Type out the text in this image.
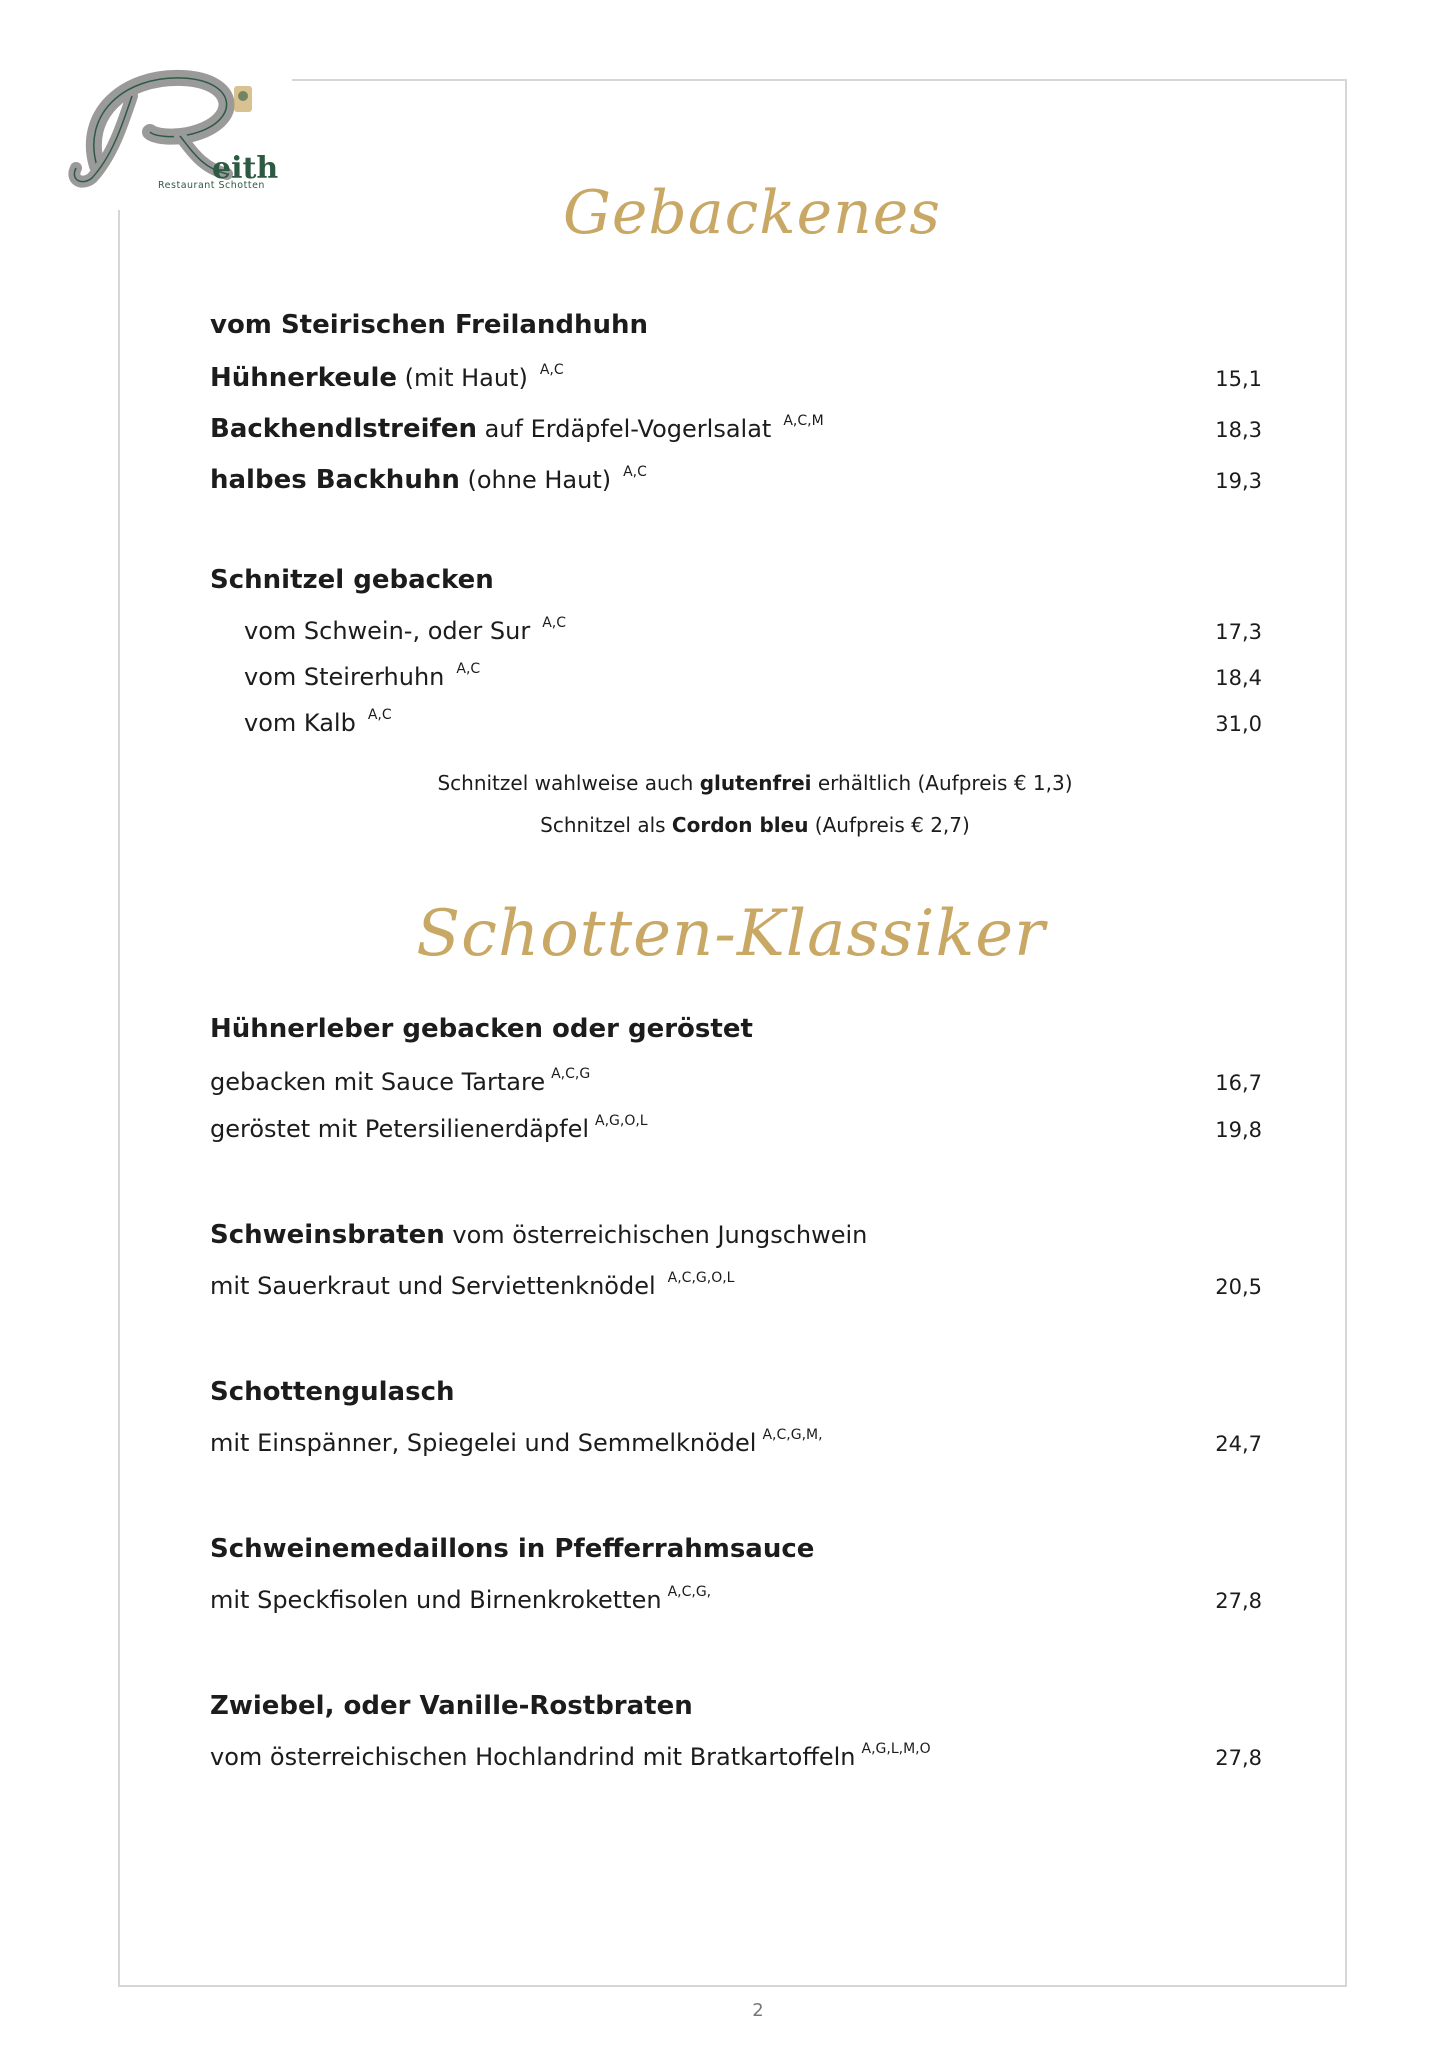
eith
Restaurant Schotten	Gebackenes
vom Steirischen Freilandhuhn
Hühnerkeule (mit Haut) $^{A,C}$	15,1
Backhendlstreifen auf Erdäpfel-Vogerlsalat $^{A,C,M}$	18,3
halbes Backhuhn (ohne Haut) $^{A,C}$	19,3
Schnitzel gebacken
vom Schwein-, oder Sur $^{A,C}$	17,3
vom Steirerhuhn $^{A,C}$	18,4
vom Kalb $^{A,C}$	31,0
Schnitzel wahlweise auch glutenfrei erhältlich (Aufpreis € 1,3)
Schnitzel als Cordon bleu (Aufpreis € 2,7)
Schotten-Klassiker
Hühnerleber gebacken oder geröstet
gebacken mit Sauce Tartare $^{A,C,G}$	16,7
geröstet mit Petersilienerdäpfel $^{A,G,O,L}$	19,8
Schweinsbraten vom österreichischen Jungschwein
mit Sauerkraut und Serviettenknödel $^{A,C,G,O,L}$	20,5
Schottengulasch
mit Einspänner, Spiegelei und Semmelknödel $^{A,C,G,M,}$	24,7
Schweinemedaillons in Pfefferrahmsauce
mit Speckfisolen und Birnenkroketten $^{A,C,G,}$	27,8
Zwiebel, oder Vanille-Rostbraten
vom österreichischen Hochlandrind mit Bratkartoffeln $^{A,G,L,M,O}$	27,8
2
